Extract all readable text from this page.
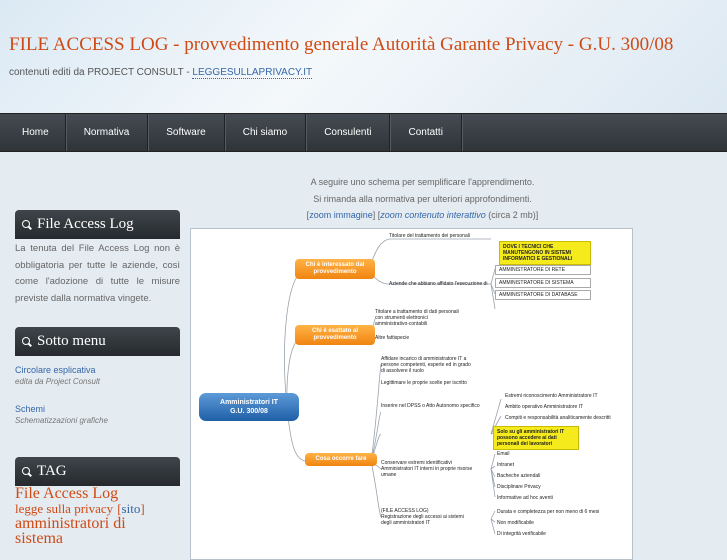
FILE ACCESS LOG - provvedimento generale Autorità Garante Privacy - G.U. 300/08
contenuti editi da PROJECT CONSULT - LEGGESULLAPRIVACY.IT
Home	Normativa	Software	Chi siamo	Consulenti	Contatti
File Access Log
La tenuta del File Access Log non è obbligatoria per tutte le aziende, così come l'adozione di tutte le misure previste dalla normativa vingete.
Sotto menu
Circolare esplicativa
edita da Project Consult
Schemi
Schematizzazioni grafiche
TAG
File Access Log
legge sulla privacy [sito]
amministratori di
sistema
A seguire uno schema per semplificare l'apprendimento.
Si rimanda alla normativa per ulteriori approfondimenti.
[zoom immagine] [zoom contenuto interattivo (circa 2 mb)]
Amministratori IT
G.U. 300/08
Chi è interessato dal
provvedimento
Chi è esattato al
provvedimento
Cosa occorre fare
Titolare del trattamento dei personali
Aziende che abbiano affidato l'esecuzione di
DOVE I TECNICI CHE
MANUTENGONO IN SISTEMI
INFORMATICI E GESTIONALI
AMMINISTRATORE DI RETE
AMMINISTRATORE DI SISTEMA
AMMINISTRATORE DI DATABASE
Titolare a trattamento di dati personali
con strumenti elettronici
amministrativo-contabili
Altre fattispecie
Affidare incarico di amministratore IT a
persone competenti, esperte ed in grado
di assolvere il ruolo
Legittimare le proprie scelte per iscritto
Inserire nel DPSS o Atto Autonomo specifico
Estremi riconoscimento Amministratore IT
Ambito operativo Amministratore IT
Compiti e responsabilità analiticamente descritti
Solo su gli amministratori IT
possono accedere ai dati
personali dei lavoratori
Conservare estremi identificativi
Amministratori IT interni in proprie risorse
umane
Email
Intranet
Bacheche aziendali
Disciplinare Privacy
Informative ad hoc aventi
(FILE ACCESS LOG)
Registrazione degli accessi ai sistemi
degli amministratori IT
Durata e completezza per non meno di 6 mesi
Non modificabile
Di integrità verificabile
